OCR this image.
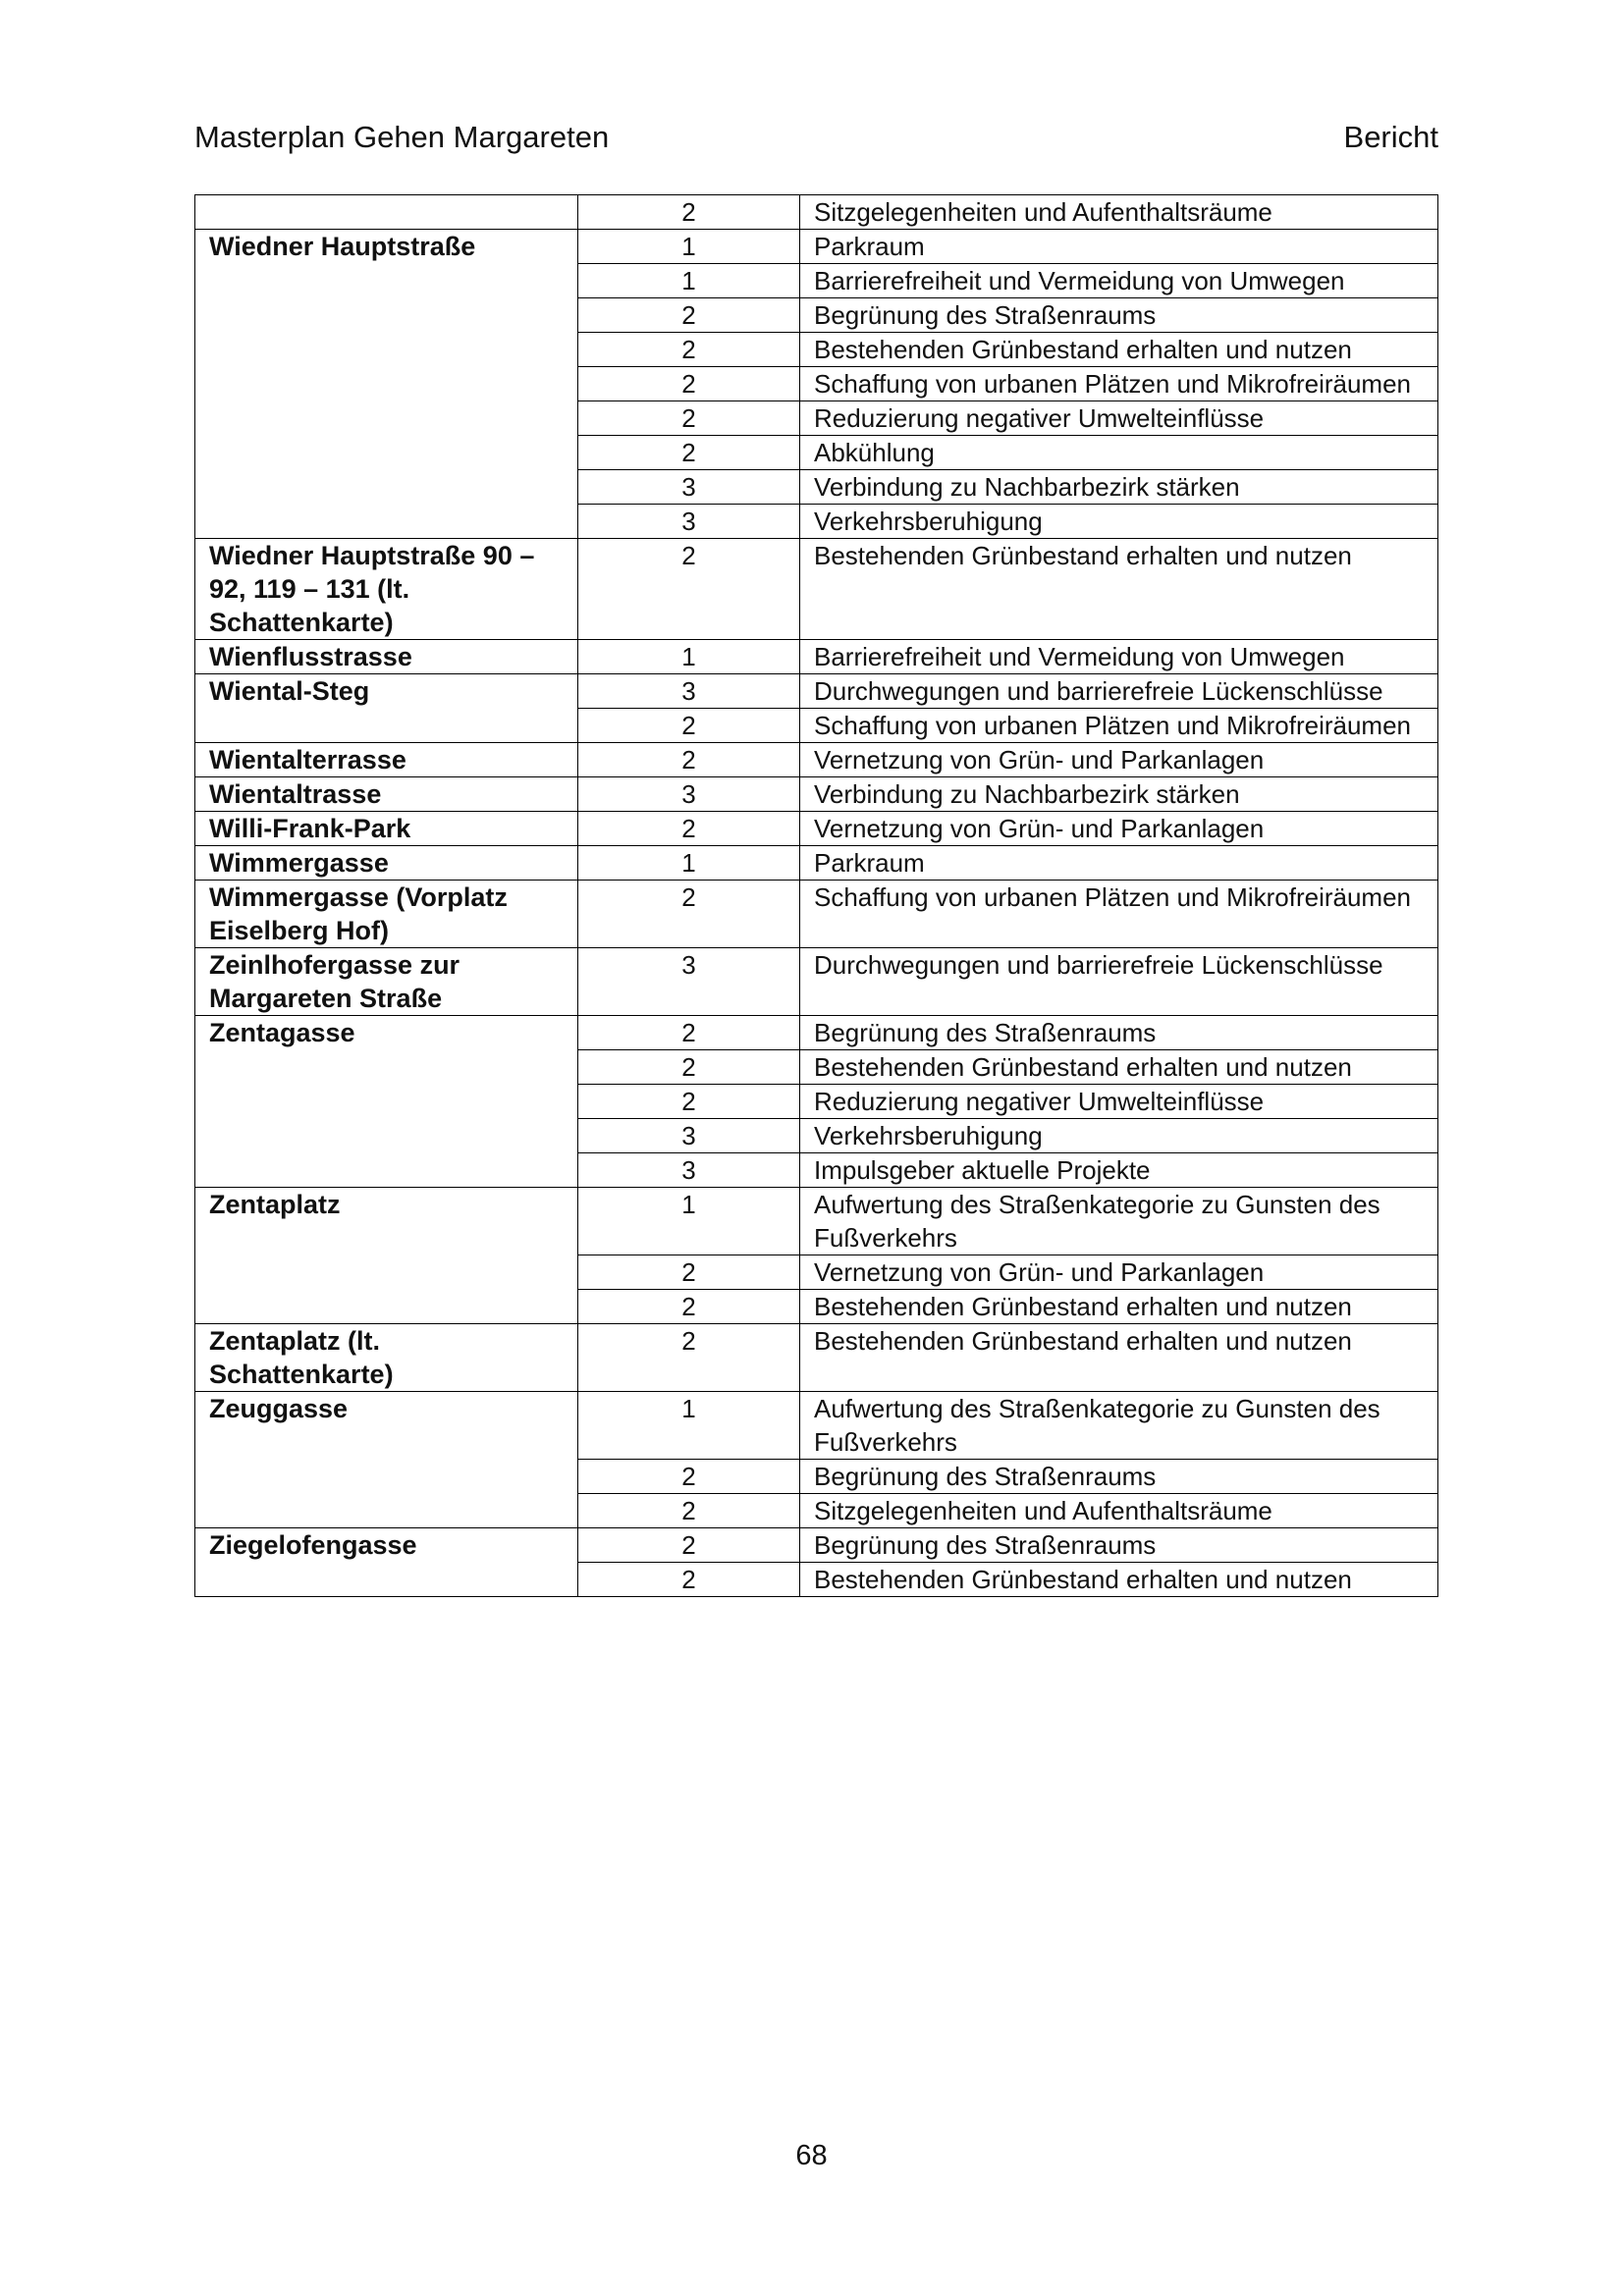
Masterplan Gehen Margareten	Bericht
	2	Sitzgelegenheiten und Aufenthaltsräume
Wiedner Hauptstraße	1	Parkraum
	1	Barrierefreiheit und Vermeidung von Umwegen
	2	Begrünung des Straßenraums
	2	Bestehenden Grünbestand erhalten und nutzen
	2	Schaffung von urbanen Plätzen und Mikrofreiräumen
	2	Reduzierung negativer Umwelteinflüsse
	2	Abkühlung
	3	Verbindung zu Nachbarbezirk stärken
	3	Verkehrsberuhigung
Wiedner Hauptstraße 90 – 92, 119 – 131 (lt. Schattenkarte)	2	Bestehenden Grünbestand erhalten und nutzen
Wienflusstrasse	1	Barrierefreiheit und Vermeidung von Umwegen
Wiental-Steg	3	Durchwegungen und barrierefreie Lückenschlüsse
	2	Schaffung von urbanen Plätzen und Mikrofreiräumen
Wientalterrasse	2	Vernetzung von Grün- und Parkanlagen
Wientaltrasse	3	Verbindung zu Nachbarbezirk stärken
Willi-Frank-Park	2	Vernetzung von Grün- und Parkanlagen
Wimmergasse	1	Parkraum
Wimmergasse (Vorplatz Eiselberg Hof)	2	Schaffung von urbanen Plätzen und Mikrofreiräumen
Zeinlhofergasse zur Margareten Straße	3	Durchwegungen und barrierefreie Lückenschlüsse
Zentagasse	2	Begrünung des Straßenraums
	2	Bestehenden Grünbestand erhalten und nutzen
	2	Reduzierung negativer Umwelteinflüsse
	3	Verkehrsberuhigung
	3	Impulsgeber aktuelle Projekte
Zentaplatz	1	Aufwertung des Straßenkategorie zu Gunsten des Fußverkehrs
	2	Vernetzung von Grün- und Parkanlagen
	2	Bestehenden Grünbestand erhalten und nutzen
Zentaplatz (lt. Schattenkarte)	2	Bestehenden Grünbestand erhalten und nutzen
Zeuggasse	1	Aufwertung des Straßenkategorie zu Gunsten des Fußverkehrs
	2	Begrünung des Straßenraums
	2	Sitzgelegenheiten und Aufenthaltsräume
Ziegelofengasse	2	Begrünung des Straßenraums
	2	Bestehenden Grünbestand erhalten und nutzen
68
